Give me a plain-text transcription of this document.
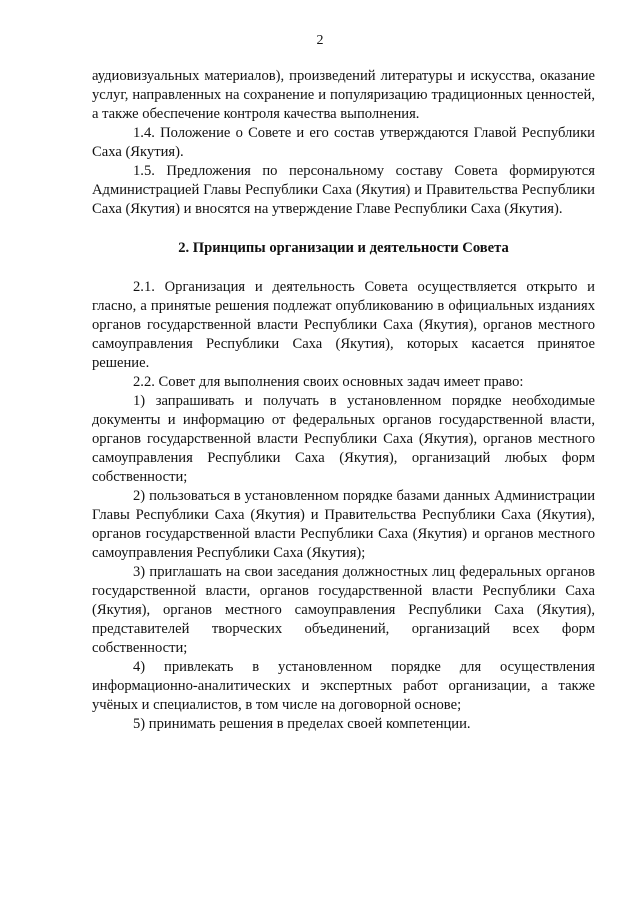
2

аудиовизуальных материалов), произведений литературы и искусства, оказание услуг, направленных на сохранение и популяризацию традиционных ценностей, а также обеспечение контроля качества выполнения.

1.4. Положение о Совете и его состав утверждаются Главой Республики Саха (Якутия).

1.5. Предложения по персональному составу Совета формируются Администрацией Главы Республики Саха (Якутия) и Правительства Республики Саха (Якутия) и вносятся на утверждение Главе Республики Саха (Якутия).

2. Принципы организации и деятельности Совета

2.1. Организация и деятельность Совета осуществляется открыто и гласно, а принятые решения подлежат опубликованию в официальных изданиях органов государственной власти Республики Саха (Якутия), органов местного самоуправления Республики Саха (Якутия), которых касается принятое решение.

2.2. Совет для выполнения своих основных задач имеет право:

1) запрашивать и получать в установленном порядке необходимые документы и информацию от федеральных органов государственной власти, органов государственной власти Республики Саха (Якутия), органов местного самоуправления Республики Саха (Якутия), организаций любых форм собственности;

2) пользоваться в установленном порядке базами данных Администрации Главы Республики Саха (Якутия) и Правительства Республики Саха (Якутия), органов государственной власти Республики Саха (Якутия) и органов местного самоуправления Республики Саха (Якутия);

3) приглашать на свои заседания должностных лиц федеральных органов государственной власти, органов государственной власти Республики Саха (Якутия), органов местного самоуправления Республики Саха (Якутия), представителей творческих объединений, организаций всех форм собственности;

4) привлекать в установленном порядке для осуществления информационно-аналитических и экспертных работ организации, а также учёных и специалистов, в том числе на договорной основе;

5) принимать решения в пределах своей компетенции.
